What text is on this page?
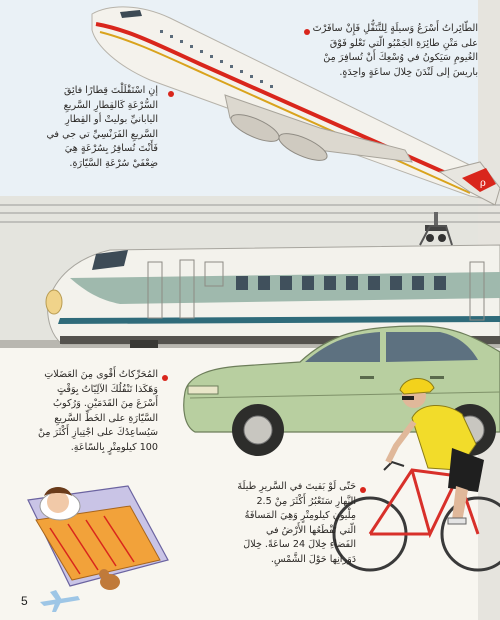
ρ
الطّائِراتُ أَسْرَعُ وَسيلَةٍ لِلتَّنَقُّلِ فَإِنْ سافَرْتَ
على مَتْنِ طائِرَةِ الجَمْبُو الّتي تَعْلو فَوْقَ
الغُيومِ سَيَكونُ في وُسْعِكَ أَنْ تُسافِرَ مِنْ
باريسَ إلى لَنْدَنَ خِلالَ ساعَةٍ واحِدَةٍ.
إنِ اسْتَقْلَلْتَ قِطارًا فائِقَ
السُّرْعَةِ كَالقِطارِ السَّريعِ
اليابانيِّ بوليتْ أو القِطارِ
السَّريعِ الفَرَنْسِيِّ تي جي في
فَأَنْتَ تُسافِرُ بِسُرْعَةٍ هِيَ
ضِعْفَيْ سُرْعَةِ السَّيّارَةِ.
المُحَرِّكاتُ أَقْوى مِنَ العَضَلاتِ
وَهَكَذا تَنْقُلُكَ الآلِيّاتُ بِوَقْتٍ
أَسْرَعَ مِنَ القَدَمَيْنِ. وَرُكوبُ
السَّيّارَةِ على الخَطِّ السَّريعِ
سَيُساعِدُكَ على اجْتِيازِ أَكْثَرَ مِنْ
100 كيلومِتْرٍ بِالسّاعَةِ.
حَتّى لَوْ بَقيتَ في السَّريرِ طيلَةَ
النَّهارِ سَتَعْبُرُ أَكْثَرَ مِنْ 2.5
مِلْيونِ كيلومِتْرٍ وَهِيَ المَسافَةُ
الّتي تَقْطَعُها الأَرْضُ في
الفَضاءِ خِلالَ 24 ساعَةً. خِلالَ
دَوَرانِها حَوْلَ الشَّمْسِ.
5
